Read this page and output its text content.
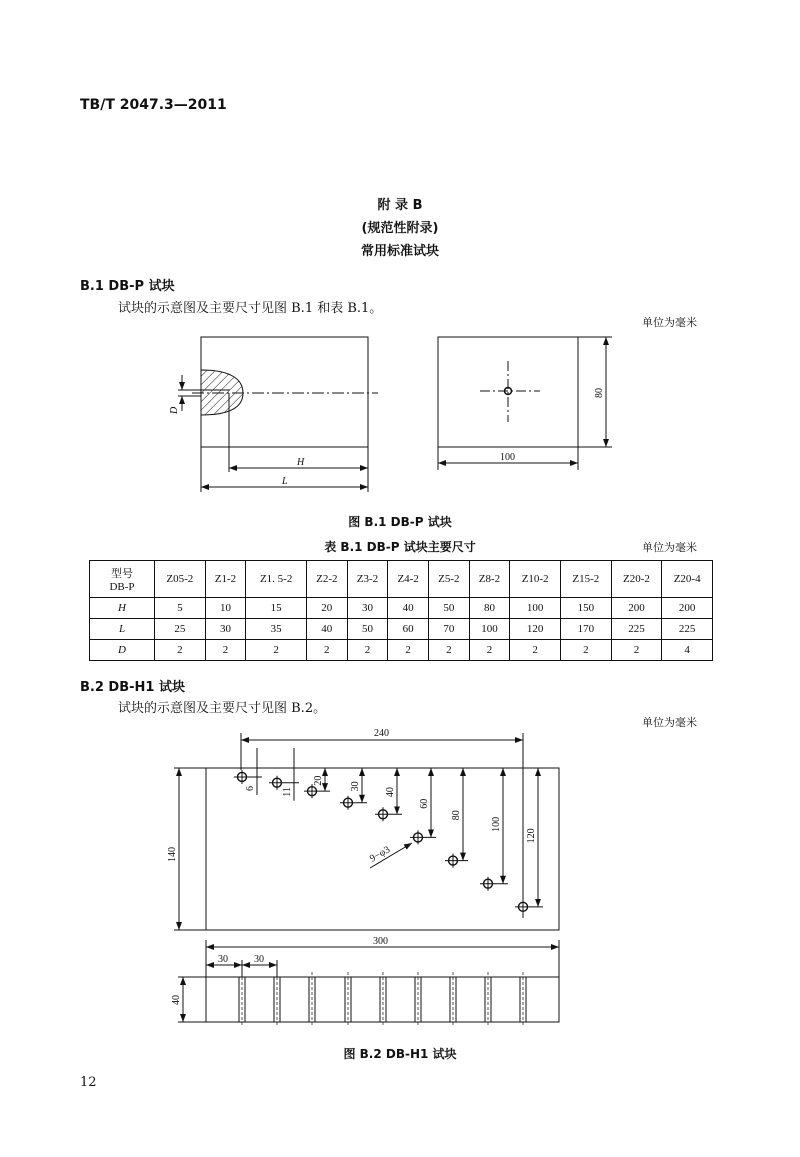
TB/T 2047.3—2011
附 录 B
(规范性附录)
常用标准试块
B.1 DB-P 试块
试块的示意图及主要尺寸见图 B.1 和表 B.1。
单位为毫米
D
H
L
80
100
图 B.1 DB-P 试块
表 B.1 DB-P 试块主要尺寸	单位为毫米
型号
DB-P	Z05-2	Z1-2	Z1. 5-2	Z2-2	Z3-2	Z4-2	Z5-2	Z8-2	Z10-2	Z15-2	Z20-2	Z20-4
H	5	10	15	20	30	40	50	80	100	150	200	200
L	25	30	35	40	50	60	70	100	120	170	225	225
D	2	2	2	2	2	2	2	2	2	2	2	4
B.2 DB-H1 试块
试块的示意图及主要尺寸见图 B.2。
单位为毫米
140
240
6	11
20
30
40
60
80
100
120
9−φ3
300
30	30
40
图 B.2 DB-H1 试块
12
